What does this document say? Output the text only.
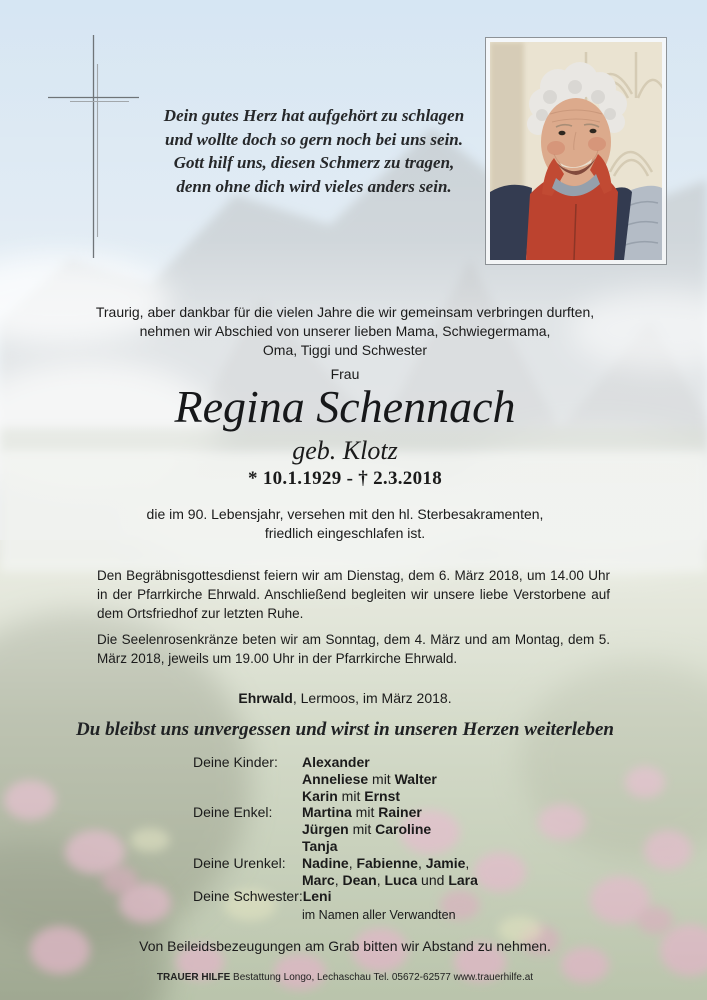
Dein gutes Herz hat aufgehört zu schlagen
und wollte doch so gern noch bei uns sein.
Gott hilf uns, diesen Schmerz zu tragen,
denn ohne dich wird vieles anders sein.
Traurig, aber dankbar für die vielen Jahre die wir gemeinsam verbringen durften,
nehmen wir Abschied von unserer lieben Mama, Schwiegermama,
Oma, Tiggi und Schwester
Frau
Regina Schennach
geb. Klotz
* 10.1.1929 - † 2.3.2018
die im 90. Lebensjahr, versehen mit den hl. Sterbesakramenten,
friedlich eingeschlafen ist.

Den Begräbnisgottesdienst feiern wir am Dienstag, dem 6. März 2018, um 14.00 Uhr in der Pfarrkirche Ehrwald. Anschließend begleiten wir unsere liebe Verstorbene auf dem Ortsfriedhof zur letzten Ruhe.

Die Seelenrosenkränze beten wir am Sonntag, dem 4. März und am Montag, dem 5. März 2018, jeweils um 19.00 Uhr in der Pfarrkirche Ehrwald.

Ehrwald, Lermoos, im März 2018.
Du bleibst uns unvergessen und wirst in unseren Herzen weiterleben
Deine Kinder:	Alexander
Anneliese mit Walter
Karin mit Ernst
Deine Enkel:	Martina mit Rainer
Jürgen mit Caroline
Tanja
Deine Urenkel:	Nadine, Fabienne, Jamie,
Marc, Dean, Luca und Lara
Deine Schwester: Leni
im Namen aller Verwandten
Von Beileidsbezeugungen am Grab bitten wir Abstand zu nehmen.
TRAUER HILFE Bestattung Longo, Lechaschau Tel. 05672-62577 www.trauerhilfe.at
